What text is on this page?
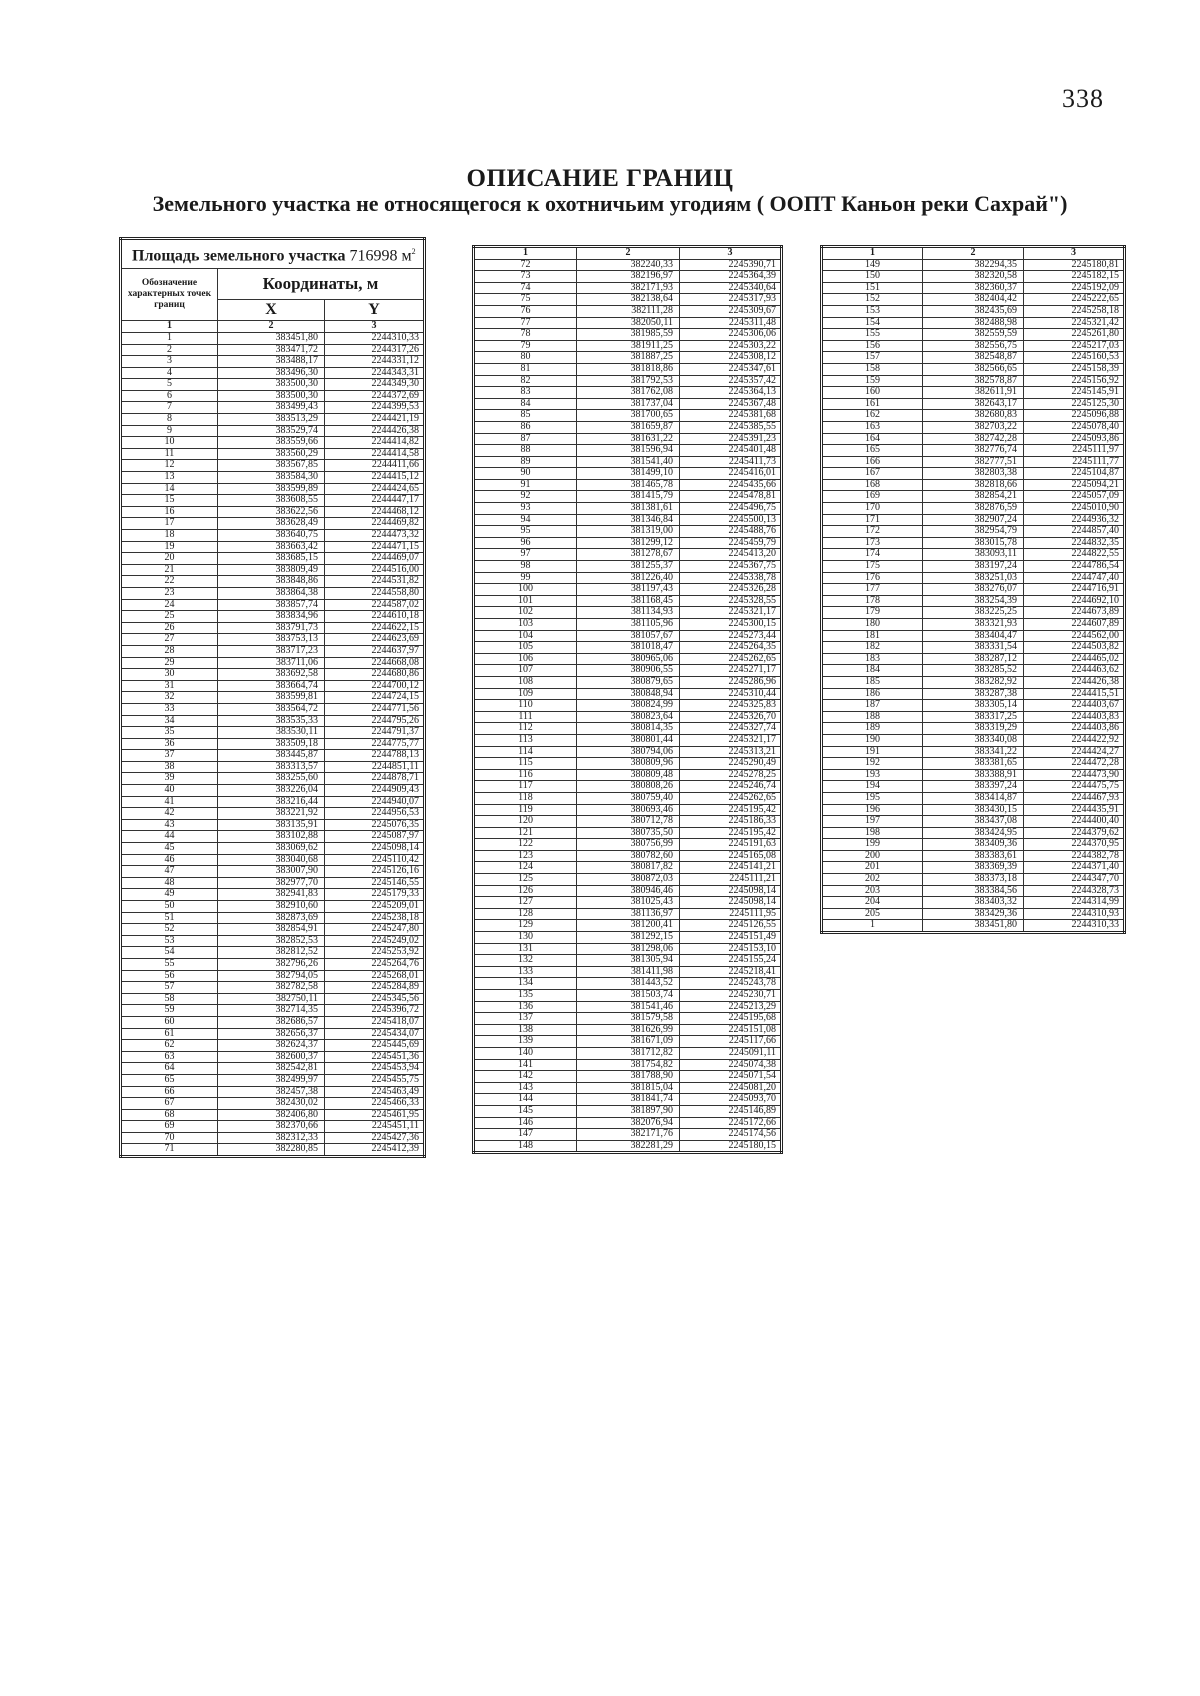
338
ОПИСАНИЕ ГРАНИЦ
Земельного участка не относящегося к охотничьим угодиям ( ООПТ Каньон реки Сахрай")
Площадь земельного участка 716998 $м^2$
Обозначение характерных точек границ	Координаты, м	
	X	Y
1	2	3
1	383451,80	2244310,33
2	383471,72	2244317,26
3	383488,17	2244331,12
4	383496,30	2244343,31
5	383500,30	2244349,30
6	383500,30	2244372,69
7	383499,43	2244399,53
8	383513,29	2244421,19
9	383529,74	2244426,38
10	383559,66	2244414,82
11	383560,29	2244414,58
12	383567,85	2244411,66
13	383584,30	2244415,12
14	383599,89	2244424,65
15	383608,55	2244447,17
16	383622,56	2244468,12
17	383628,49	2244469,82
18	383640,75	2244473,32
19	383663,42	2244471,15
20	383685,15	2244469,07
21	383809,49	2244516,00
22	383848,86	2244531,82
23	383864,38	2244558,80
24	383857,74	2244587,02
25	383834,96	2244610,18
26	383791,73	2244622,15
27	383753,13	2244623,69
28	383717,23	2244637,97
29	383711,06	2244668,08
30	383692,58	2244680,86
31	383664,74	2244700,12
32	383599,81	2244724,15
33	383564,72	2244771,56
34	383535,33	2244795,26
35	383530,11	2244791,37
36	383509,18	2244775,77
37	383445,87	2244788,13
38	383313,57	2244851,11
39	383255,60	2244878,71
40	383226,04	2244909,43
41	383216,44	2244940,07
42	383221,92	2244956,53
43	383135,91	2245076,35
44	383102,88	2245087,97
45	383069,62	2245098,14
46	383040,68	2245110,42
47	383007,90	2245126,16
48	382977,70	2245146,55
49	382941,83	2245179,33
50	382910,60	2245209,01
51	382873,69	2245238,18
52	382854,91	2245247,80
53	382852,53	2245249,02
54	382812,52	2245253,92
55	382796,26	2245264,76
56	382794,05	2245268,01
57	382782,58	2245284,89
58	382750,11	2245345,56
59	382714,35	2245396,72
60	382686,57	2245418,07
61	382656,37	2245434,07
62	382624,37	2245445,69
63	382600,37	2245451,36
64	382542,81	2245453,94
65	382499,97	2245455,75
66	382457,38	2245463,49
67	382430,02	2245466,33
68	382406,80	2245461,95
69	382370,66	2245451,11
70	382312,33	2245427,36
71	382280,85	2245412,39
1	2	3
72	382240,33	2245390,71
73	382196,97	2245364,39
74	382171,93	2245340,64
75	382138,64	2245317,93
76	382111,28	2245309,67
77	382050,11	2245311,48
78	381985,59	2245306,06
79	381911,25	2245303,22
80	381887,25	2245308,12
81	381818,86	2245347,61
82	381792,53	2245357,42
83	381762,08	2245364,13
84	381737,04	2245367,48
85	381700,65	2245381,68
86	381659,87	2245385,55
87	381631,22	2245391,23
88	381596,94	2245401,48
89	381541,40	2245411,73
90	381499,10	2245416,01
91	381465,78	2245435,66
92	381415,79	2245478,81
93	381381,61	2245496,75
94	381346,84	2245500,13
95	381319,00	2245488,76
96	381299,12	2245459,79
97	381278,67	2245413,20
98	381255,37	2245367,75
99	381226,40	2245338,78
100	381197,43	2245326,28
101	381168,45	2245328,55
102	381134,93	2245321,17
103	381105,96	2245300,15
104	381057,67	2245273,44
105	381018,47	2245264,35
106	380965,06	2245262,65
107	380906,55	2245271,17
108	380879,65	2245286,96
109	380848,94	2245310,44
110	380824,99	2245325,83
111	380823,64	2245326,70
112	380814,35	2245327,74
113	380801,44	2245321,17
114	380794,06	2245313,21
115	380809,96	2245290,49
116	380809,48	2245278,25
117	380808,26	2245246,74
118	380759,40	2245262,65
119	380693,46	2245195,42
120	380712,78	2245186,33
121	380735,50	2245195,42
122	380756,99	2245191,63
123	380782,60	2245165,08
124	380817,82	2245141,21
125	380872,03	2245111,21
126	380946,46	2245098,14
127	381025,43	2245098,14
128	381136,97	2245111,95
129	381200,41	2245126,55
130	381292,15	2245151,49
131	381298,06	2245153,10
132	381305,94	2245155,24
133	381411,98	2245218,41
134	381443,52	2245243,78
135	381503,74	2245230,71
136	381541,46	2245213,29
137	381579,58	2245195,68
138	381626,99	2245151,08
139	381671,09	2245117,66
140	381712,82	2245091,11
141	381754,82	2245074,38
142	381788,90	2245071,54
143	381815,04	2245081,20
144	381841,74	2245093,70
145	381897,90	2245146,89
146	382076,94	2245172,66
147	382171,76	2245174,56
148	382281,29	2245180,15
1	2	3
149	382294,35	2245180,81
150	382320,58	2245182,15
151	382360,37	2245192,09
152	382404,42	2245222,65
153	382435,69	2245258,18
154	382488,98	2245321,42
155	382559,59	2245261,80
156	382556,75	2245217,03
157	382548,87	2245160,53
158	382566,65	2245158,39
159	382578,87	2245156,92
160	382611,91	2245145,91
161	382643,17	2245125,30
162	382680,83	2245096,88
163	382703,22	2245078,40
164	382742,28	2245093,86
165	382776,74	2245111,97
166	382777,51	2245111,77
167	382803,38	2245104,87
168	382818,66	2245094,21
169	382854,21	2245057,09
170	382876,59	2245010,90
171	382907,24	2244936,32
172	382954,79	2244857,40
173	383015,78	2244832,35
174	383093,11	2244822,55
175	383197,24	2244786,54
176	383251,03	2244747,40
177	383276,07	2244716,91
178	383254,39	2244692,10
179	383225,25	2244673,89
180	383321,93	2244607,89
181	383404,47	2244562,00
182	383331,54	2244503,82
183	383287,12	2244465,02
184	383285,52	2244463,62
185	383282,92	2244426,38
186	383287,38	2244415,51
187	383305,14	2244403,67
188	383317,25	2244403,83
189	383319,29	2244403,86
190	383340,08	2244422,92
191	383341,22	2244424,27
192	383381,65	2244472,28
193	383388,91	2244473,90
194	383397,24	2244475,75
195	383414,87	2244467,93
196	383430,15	2244435,91
197	383437,08	2244400,40
198	383424,95	2244379,62
199	383409,36	2244370,95
200	383383,61	2244382,78
201	383369,39	2244371,40
202	383373,18	2244347,70
203	383384,56	2244328,73
204	383403,32	2244314,99
205	383429,36	2244310,93
1	383451,80	2244310,33
